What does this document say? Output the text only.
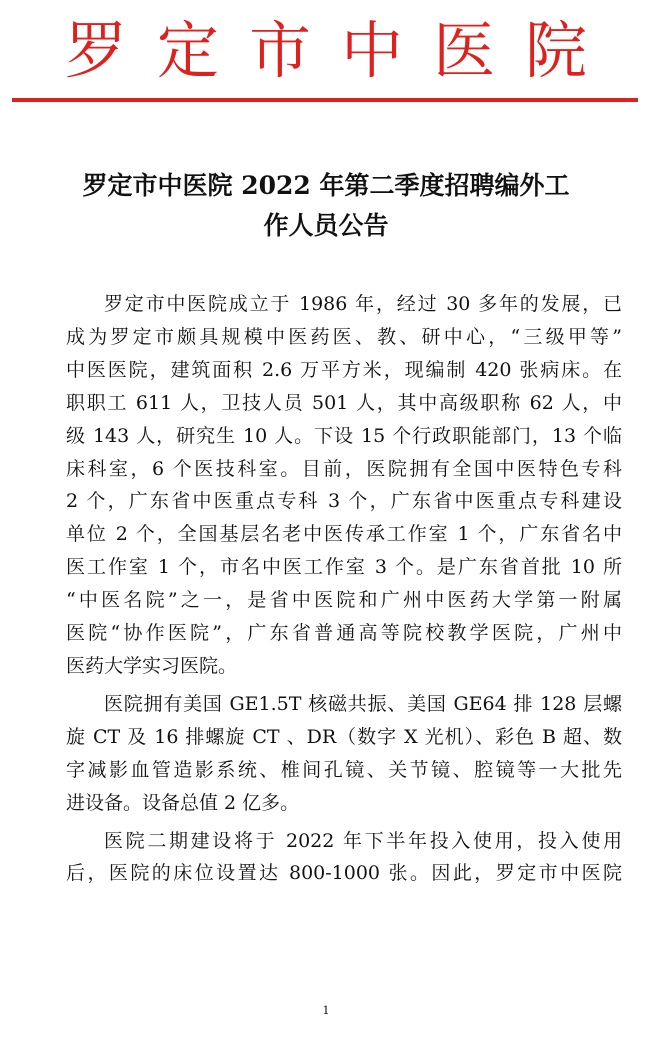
罗定市中医院
罗定市中医院 2022 年第二季度招聘编外工
作人员公告

罗定市中医院成立于 1986 年，经过 30 多年的发展，已
成为罗定市颇具规模中医药医、教、研中心，“三级甲等”
中医医院，建筑面积 2.6 万平方米，现编制 420 张病床。在
职职工 611 人，卫技人员 501 人，其中高级职称 62 人，中
级 143 人，研究生 10 人。下设 15 个行政职能部门，13 个临
床科室，6 个医技科室。目前，医院拥有全国中医特色专科
2 个，广东省中医重点专科 3 个，广东省中医重点专科建设
单位 2 个，全国基层名老中医传承工作室 1 个，广东省名中
医工作室 1 个，市名中医工作室 3 个。是广东省首批 10 所
“中医名院”之一，是省中医院和广州中医药大学第一附属
医院“协作医院”，广东省普通高等院校教学医院，广州中
医药大学实习医院。

医院拥有美国 GE1.5T 核磁共振、美国 GE64 排 128 层螺
旋 CT 及 16 排螺旋 CT 、DR（数字 X 光机）、彩色 B 超、数
字减影血管造影系统、椎间孔镜、关节镜、腔镜等一大批先
进设备。设备总值 2 亿多。

医院二期建设将于 2022 年下半年投入使用，投入使用
后，医院的床位设置达 800-1000 张。因此，罗定市中医院

1
